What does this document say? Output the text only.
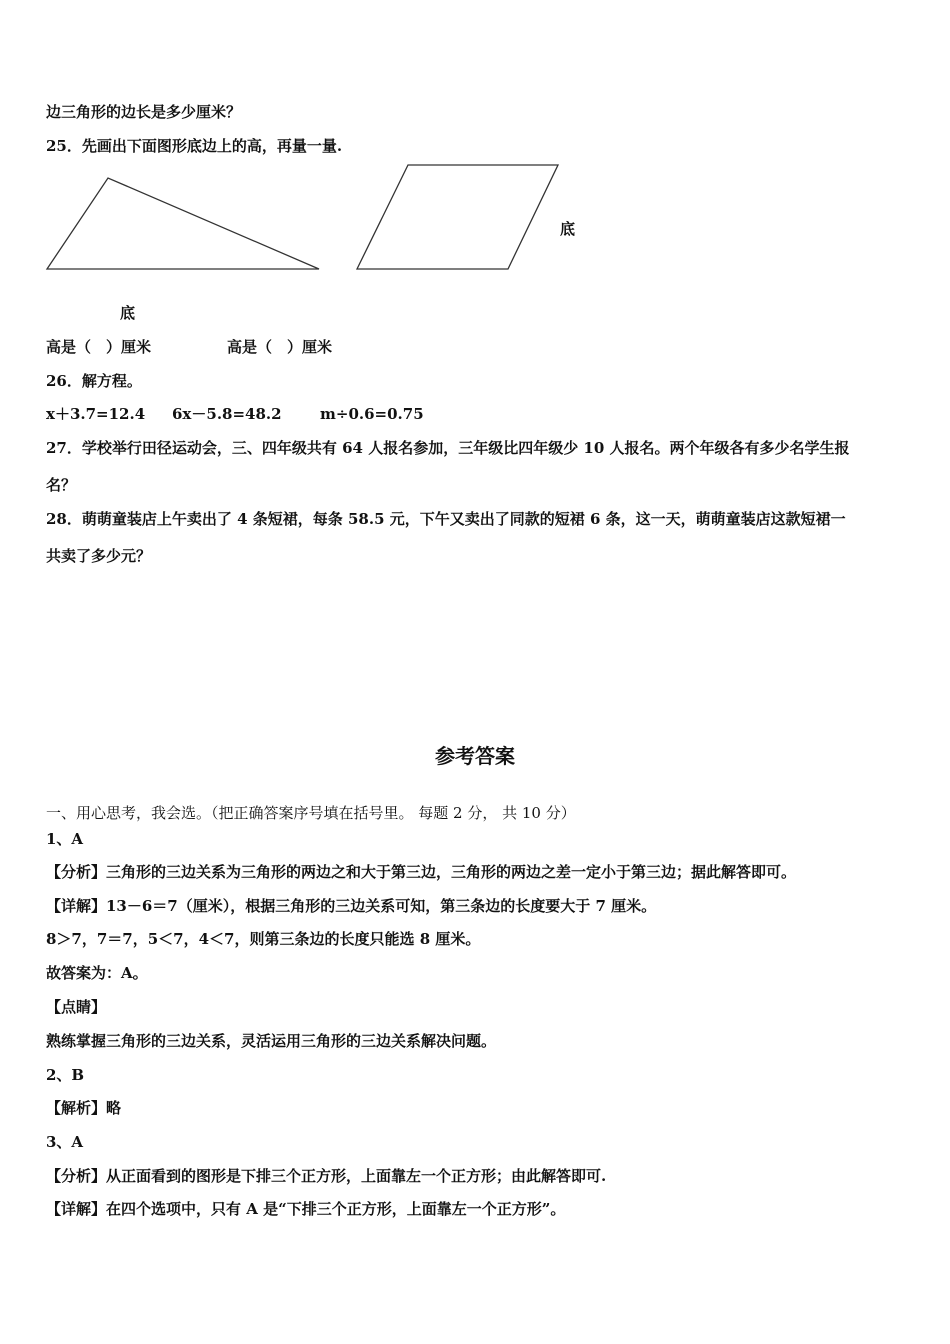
边三角形的边长是多少厘米？
25．先画出下面图形底边上的高，再量一量.
底
底
高是（　）厘米	高是（　）厘米
26．解方程。
x＋3.7=12.4 6x－5.8=48.2	m÷0.6=0.75
27．学校举行田径运动会，三、四年级共有 64 人报名参加，三年级比四年级少 10 人报名。两个年级各有多少名学生报
名？
28．萌萌童装店上午卖出了 4 条短裙，每条 58.5 元，下午又卖出了同款的短裙 6 条，这一天，萌萌童装店这款短裙一
共卖了多少元？
参考答案
一、用心思考，我会选。（把正确答案序号填在括号里。 每题 2 分， 共 10 分）
1、A
【分析】三角形的三边关系为三角形的两边之和大于第三边，三角形的两边之差一定小于第三边；据此解答即可。
【详解】13－6＝7（厘米），根据三角形的三边关系可知，第三条边的长度要大于 7 厘米。
8＞7，7＝7，5＜7，4＜7，则第三条边的长度只能选 8 厘米。
故答案为：A。
【点睛】
熟练掌握三角形的三边关系，灵活运用三角形的三边关系解决问题。
2、B
【解析】略
3、A
【分析】从正面看到的图形是下排三个正方形，上面靠左一个正方形；由此解答即可.
【详解】在四个选项中，只有 A 是“下排三个正方形，上面靠左一个正方形”。
